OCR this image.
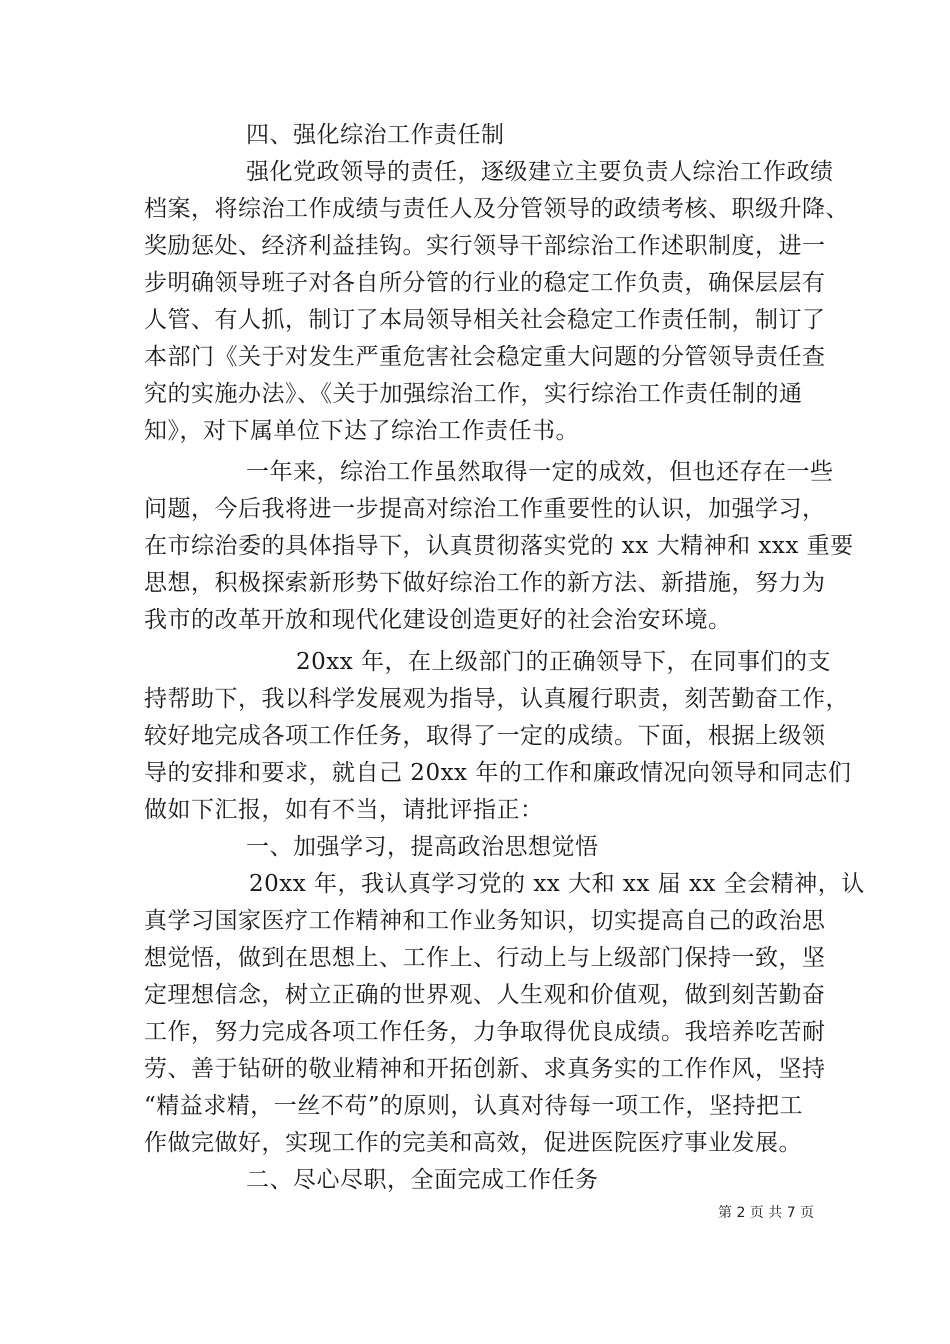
四、强化综治工作责任制
强化党政领导的责任，逐级建立主要负责人综治工作政绩
档案，将综治工作成绩与责任人及分管领导的政绩考核、职级升降、
奖励惩处、经济利益挂钩。实行领导干部综治工作述职制度，进一
步明确领导班子对各自所分管的行业的稳定工作负责，确保层层有
人管、有人抓，制订了本局领导相关社会稳定工作责任制，制订了
本部门《关于对发生严重危害社会稳定重大问题的分管领导责任查
究的实施办法》、《关于加强综治工作，实行综治工作责任制的通
知》，对下属单位下达了综治工作责任书。
一年来，综治工作虽然取得一定的成效，但也还存在一些
问题，今后我将进一步提高对综治工作重要性的认识，加强学习，
在市综治委的具体指导下，认真贯彻落实党的 xx 大精神和 xxx 重要
思想，积极探索新形势下做好综治工作的新方法、新措施，努力为
我市的改革开放和现代化建设创造更好的社会治安环境。
20xx 年，在上级部门的正确领导下，在同事们的支
持帮助下，我以科学发展观为指导，认真履行职责，刻苦勤奋工作，
较好地完成各项工作任务，取得了一定的成绩。下面，根据上级领
导的安排和要求，就自己 20xx 年的工作和廉政情况向领导和同志们
做如下汇报，如有不当，请批评指正：
一、加强学习，提高政治思想觉悟
20xx 年，我认真学习党的 xx 大和 xx 届 xx 全会精神，认
真学习国家医疗工作精神和工作业务知识，切实提高自己的政治思
想觉悟，做到在思想上、工作上、行动上与上级部门保持一致，坚
定理想信念，树立正确的世界观、人生观和价值观，做到刻苦勤奋
工作，努力完成各项工作任务，力争取得优良成绩。我培养吃苦耐
劳、善于钻研的敬业精神和开拓创新、求真务实的工作作风，坚持
“精益求精，一丝不苟”的原则，认真对待每一项工作，坚持把工
作做完做好，实现工作的完美和高效，促进医院医疗事业发展。
二、尽心尽职，全面完成工作任务
第 2 页 共 7 页
